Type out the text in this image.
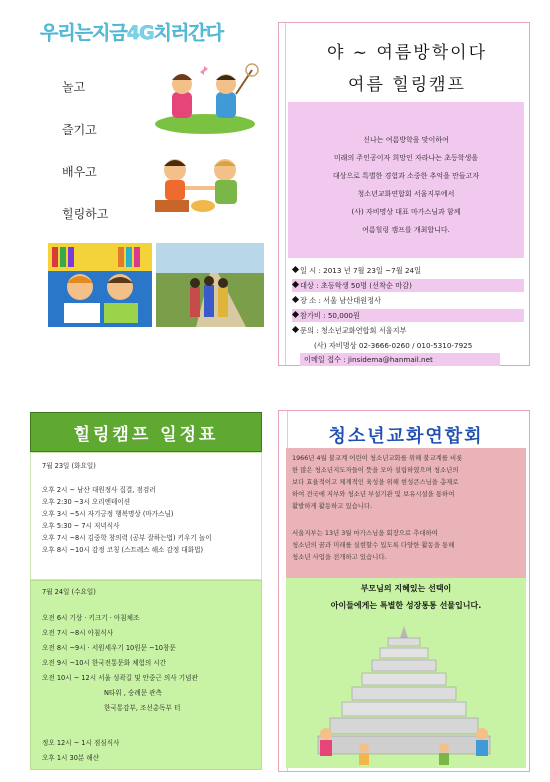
우리는지금4G치러간다
놀고
즐기고
배우고
힐링하고
야 ~ 여름방학이다
여름 힐링캠프
신나는 여름방학을 맞이하여
미래의 주인공이자 희망인 자라나는 초등학생을
대상으로 특별한 경험과 소중한 추억을 만들고자
청소년교화연합회 서울지부에서
(사) 자비명상 대표 마가스님과 함께
여름힐링 캠프를 개최합니다.
일 시 : 2013 년 7월 23일 ~7월 24일
대상 : 초등학생 50명 (선착순 마감)
장 소 : 서울 남산대원정사
참가비 : 50,000원
문의 : 청소년교화연합회 서울지부
(사) 자비명상 02-3666-0260 / 010-5310-7925
이메일 접수 : jinsidema@hanmail.net
힐링캠프 일정표
7월 23일 (화요일)
오후 2시 ~ 남산 대원정사 집결, 점검러
오후 2:30 ~3시 오리엔테이션
오후 3시 ~5시 자기긍정 행복명상 (마가스님)
오후 5:30 ~ 7시 저녁식사
오후 7시 ~8시 김중학 창의력 (공부 잘하는법) 키우기 놀이
오후 8시 ~10시 감정 코칭 (스트레스 해소 감정 대화법)
7월 24일 (수요일)
오전 6시 기상 · 키크기 · 아침체조
오전 7시 ~8시 아침식사
오전 8시 ~9시 · 서원세우기 10원문 ~10창문
오전 9시 ~10시 한국전통문화 체험의 시간
오전 10시 ~ 12시 서울 성곽길 및 안중근 의사 기념관
N타워 , 숭례문 관측
한국통감부, 조선총독부 터
정오 12시 ~ 1시 점심식사
오후 1시 30분 해산
청소년교화연합회
1966년 4월 불교계 어린이 청소년교화를 위해 불교계를 비롯
한 많은 청소년지도자들이 뜻을 모아 설립하였으며 청소년의
보다 효율적이고 체계적인 육성을 위해 현성큰스님을 총재로
하여 전국에 지부와 청소년 부설기관 및 보유시설을 통하여
활발하게 활동하고 있습니다.
서울지부는 13년 3월 마가스님을 회장으로 추대하여
청소년의 꿈과 미래를 실현할수 있도록 다양한 활동을 통해
청소년 사업을 전개하고 있습니다.
부모님의 지혜있는 선택이
아이들에게는 특별한 성장통통 선물입니다.
